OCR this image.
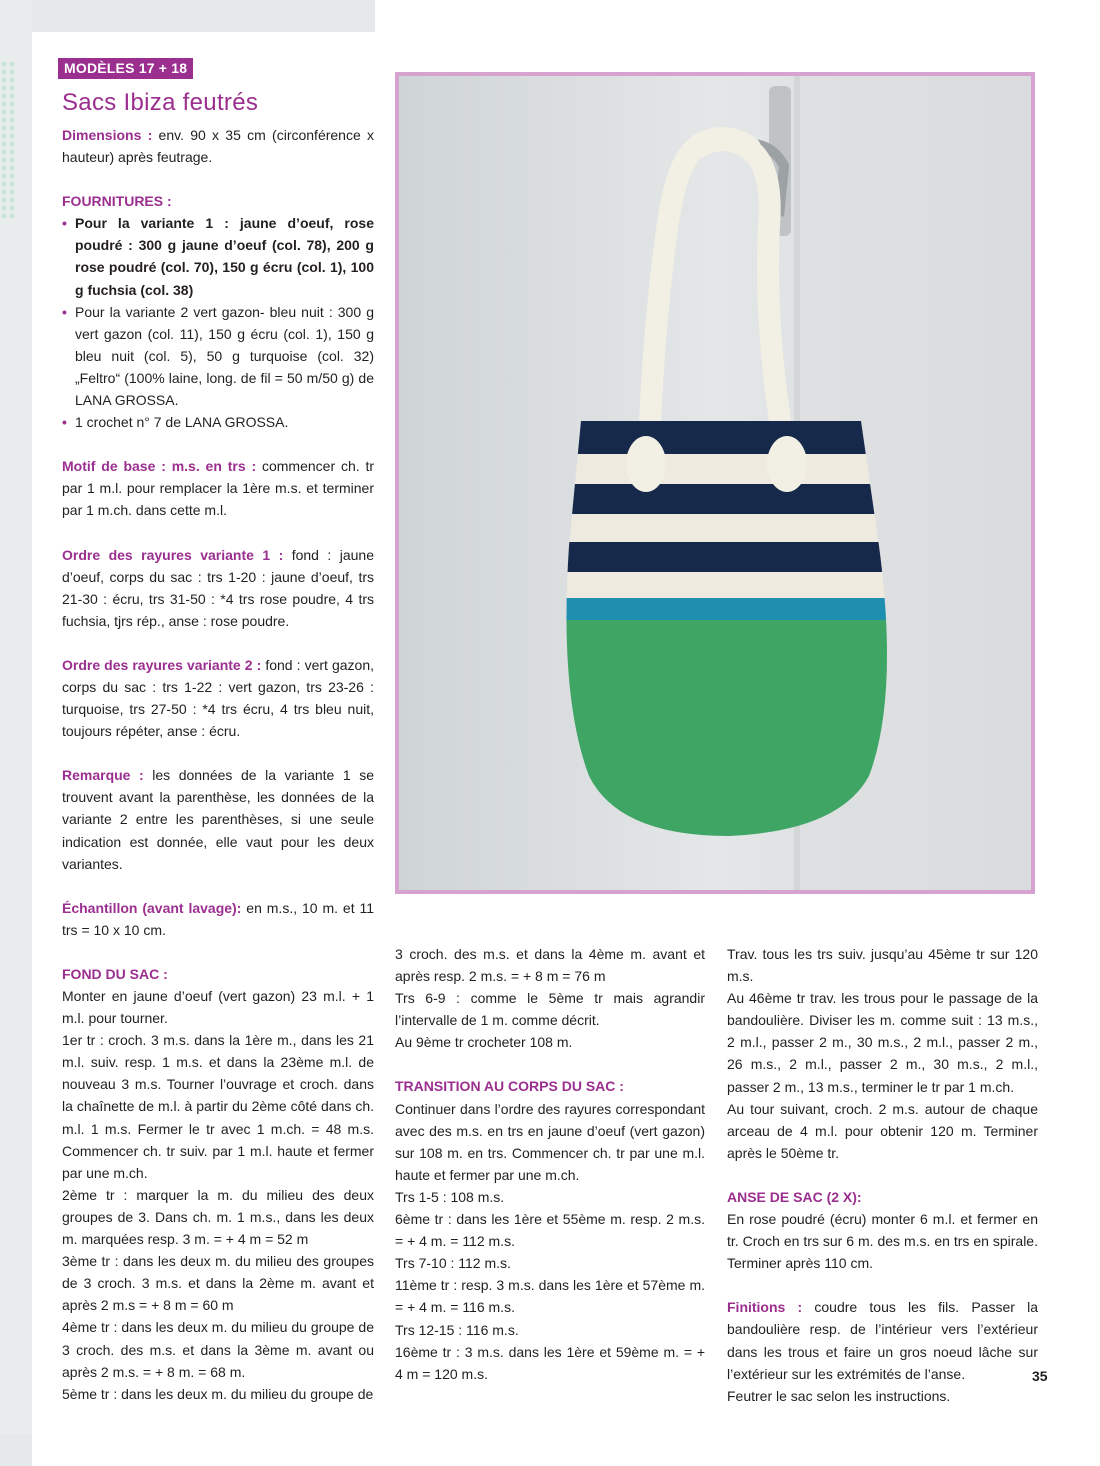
MODÈLES 17 + 18
Sacs Ibiza feutrés

Dimensions : env. 90 x 35 cm (circonférence x hauteur) après feutrage.

FOURNITURES :

• Pour la variante 1 : jaune d’oeuf, rose poudré : 300 g jaune d’oeuf (col. 78), 200 g rose poudré (col. 70), 150 g écru (col. 1), 100 g fuchsia (col. 38)

• Pour la variante 2 vert gazon- bleu nuit : 300 g vert gazon (col. 11), 150 g écru (col. 1), 150 g bleu nuit (col. 5), 50 g turquoise (col. 32) „Feltro“ (100% laine, long. de fil = 50 m/50 g) de LANA GROSSA.

• 1 crochet n° 7 de LANA GROSSA.

Motif de base : m.s. en trs : commencer ch. tr par 1 m.l. pour remplacer la 1ère m.s. et terminer par 1 m.ch. dans cette m.l.

Ordre des rayures variante 1 : fond : jaune d’oeuf, corps du sac : trs 1-20 : jaune d’oeuf, trs 21-30 : écru, trs 31-50 : *4 trs rose poudre, 4 trs fuchsia, tjrs rép., anse : rose poudre.

Ordre des rayures variante 2 : fond : vert gazon, corps du sac : trs 1-22 : vert gazon, trs 23-26 : turquoise, trs 27-50 : *4 trs écru, 4 trs bleu nuit, toujours répéter, anse : écru.

Remarque : les données de la variante 1 se trouvent avant la parenthèse, les données de la variante 2 entre les parenthèses, si une seule indication est donnée, elle vaut pour les deux variantes.

Échantillon (avant lavage): en m.s., 10 m. et 11 trs = 10 x 10 cm.

FOND DU SAC :

Monter en jaune d’oeuf (vert gazon) 23 m.l. + 1 m.l. pour tourner.

1er tr : croch. 3 m.s. dans la 1ère m., dans les 21 m.l. suiv. resp. 1 m.s. et dans la 23ème m.l. de nouveau 3 m.s. Tourner l’ouvrage et croch. dans la chaînette de m.l. à partir du 2ème côté dans ch. m.l. 1 m.s. Fermer le tr avec 1 m.ch. = 48 m.s. Commencer ch. tr suiv. par 1 m.l. haute et fermer par une m.ch.

2ème tr : marquer la m. du milieu des deux groupes de 3. Dans ch. m. 1 m.s., dans les deux m. marquées resp. 3 m. = + 4 m = 52 m

3ème tr : dans les deux m. du milieu des groupes de 3 croch. 3 m.s. et dans la 2ème m. avant et après 2 m.s = + 8 m = 60 m

4ème tr : dans les deux m. du milieu du groupe de 3 croch. des m.s. et dans la 3ème m. avant ou après 2 m.s. = + 8 m. = 68 m.

5ème tr : dans les deux m. du milieu du groupe de

3 croch. des m.s. et dans la 4ème m. avant et après resp. 2 m.s. = + 8 m = 76 m

Trs 6-9 : comme le 5ème tr mais agrandir l’intervalle de 1 m. comme décrit.

Au 9ème tr crocheter 108 m.

TRANSITION AU CORPS DU SAC :

Continuer dans l’ordre des rayures correspondant avec des m.s. en trs en jaune d’oeuf (vert gazon) sur 108 m. en trs. Commencer ch. tr par une m.l. haute et fermer par une m.ch.

Trs 1-5 : 108 m.s.

6ème tr : dans les 1ère et 55ème m. resp. 2 m.s. = + 4 m. = 112 m.s.

Trs 7-10 : 112 m.s.

11ème tr : resp. 3 m.s. dans les 1ère et 57ème m. = + 4 m. = 116 m.s.

Trs 12-15 : 116 m.s.

16ème tr : 3 m.s. dans les 1ère et 59ème m. = + 4 m = 120 m.s.

Trav. tous les trs suiv. jusqu’au 45ème tr sur 120 m.s.

Au 46ème tr trav. les trous pour le passage de la bandoulière. Diviser les m. comme suit : 13 m.s., 2 m.l., passer 2 m., 30 m.s., 2 m.l., passer 2 m., 26 m.s., 2 m.l., passer 2 m., 30 m.s., 2 m.l., passer 2 m., 13 m.s., terminer le tr par 1 m.ch.

Au tour suivant, croch. 2 m.s. autour de chaque arceau de 4 m.l. pour obtenir 120 m. Terminer après le 50ème tr.

ANSE DE SAC (2 X):

En rose poudré (écru) monter 6 m.l. et fermer en tr. Croch en trs sur 6 m. des m.s. en trs en spirale. Terminer après 110 cm.

Finitions : coudre tous les fils. Passer la bandoulière resp. de l’intérieur vers l’extérieur dans les trous et faire un gros noeud lâche sur l’extérieur sur les extrémités de l’anse.

Feutrer le sac selon les instructions.

35
